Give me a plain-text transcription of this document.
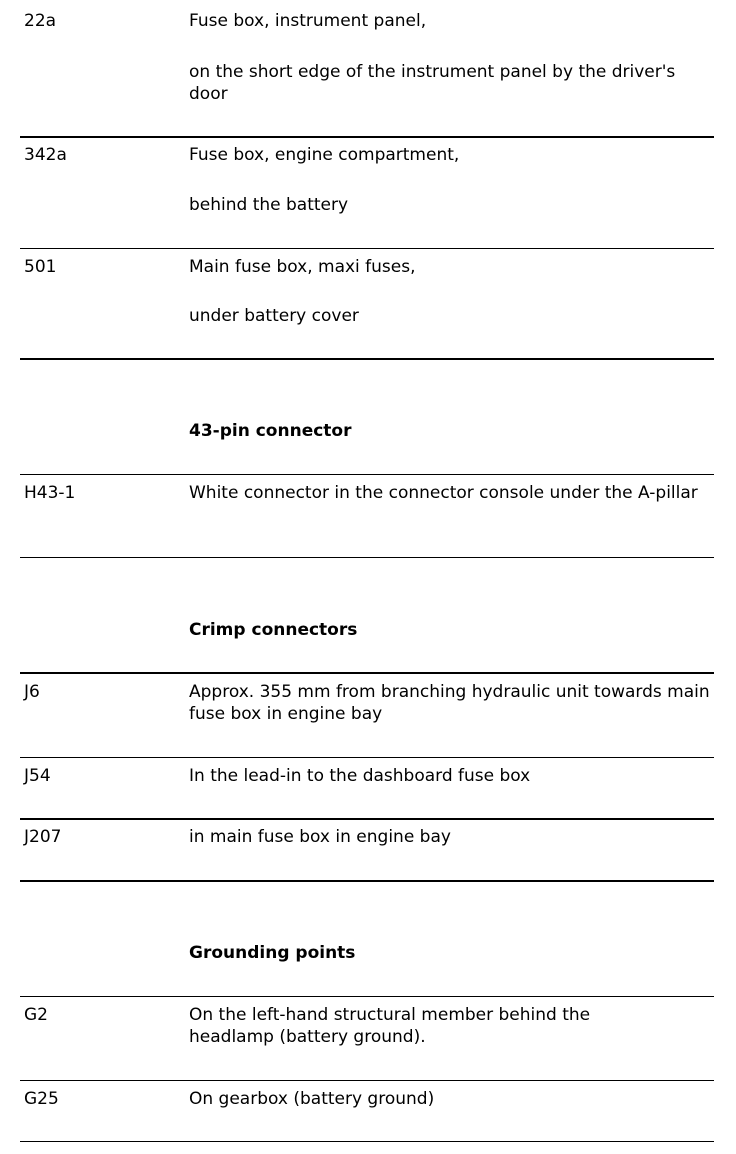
22a	Fuse box, instrument panel,
on the short edge of the instrument panel by the driver's door
342a	Fuse box, engine compartment,
behind the battery
501	Main fuse box, maxi fuses,
under battery cover
43-pin connector
H43-1	White connector in the connector console under the A-pillar
Crimp connectors
J6	Approx. 355 mm from branching hydraulic unit towards main fuse box in engine bay
J54	In the lead-in to the dashboard fuse box
J207	in main fuse box in engine bay
Grounding points
G2	On the left-hand structural member behind the headlamp (battery ground).
G25	On gearbox (battery ground)
